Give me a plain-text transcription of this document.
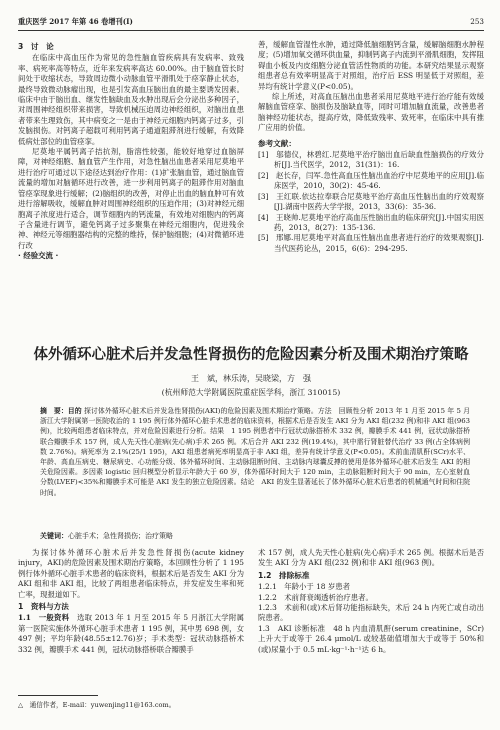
重庆医学 2017 年第 46 卷增刊(Ⅰ)	253
3　讨　论

在临床中高血压作为常见的急性脑血管疾病具有发病率、致残率、病死率高等特点，近年来发病率高达 60.00%。由于脑血管长时间处于收缩状态，导致周边微小动脉血管平滑肌处于痉挛静止状态，最终导致微动脉瘤出现，也是引发高血压脑出血的最主要诱发因素。临床中由于脑出血、继发性脑缺血及水肿出现后会分泌出多种因子，对周围神经组织带来损害，导致机械压迫周边神经组织，对脑出血患者带来生理致伤，其中病变之一是由于神经元细胞内钙离子过多，引发脑损伤。对钙离子超载可利用钙离子通道阻滞剂进行缓解，有效降低病灶部位的血管痉挛。

尼莫地平属钙离子拮抗剂，脂溶性较强，能较好地穿过血脑屏障，对神经细胞、脑血管产生作用，对急性脑出血患者采用尼莫地平进行治疗可通过以下途径达到治疗作用：(1)扩张脑血管，通过脑血管流量的增加对脑循环进行改善，进一步利用钙离子的阻滞作用对脑血管痉挛现象进行缓解；(2)脑组织的改善，对停止出血的脑血肿可有效进行溶解吸收，缓解血肿对周围神经组织的压迫作用；(3)对神经元细胞离子浓度进行适合，调节细胞内的钙流量，有效地对细胞内的钙离子含量进行调节，避免钙离子过多聚集在神经元细胞内，促进残余神、神经元等细胞器结构的完整的维持，保护脑细胞；(4)对微循环进行改

· 经验交流 ·

善，缓解血管湿性水肿，通过降低脑细胞钙含量，缓解脑细胞水肿程度；(5)增加氧交循环供血量，抑制钙离子内流到平滑肌细胞，发挥阻碍血小板及内皮细胞分泌血管活性物质的功能。本研究结果显示观察组患者总有效率明显高于对照组，治疗后 ESS 明显低于对照组，差异均有统计学意义(P<0.05)。

综上所述，对高血压脑出血患者采用尼莫地平进行治疗能有效缓解脑血管痉挛、脑损伤及脑缺血等，同时可增加脑血流量，改善患者脑神经功能状态，提高疗效，降低致残率、致死率，在临床中具有推广应用的价值。

参考文献：
[1]　邬德仪，林碧红.尼莫地平治疗脑出血后缺血性脑损伤的疗效分析[J].当代医学，2012，31(31)：16.
[2]　赵长存，闫军.急性高血压性脑出血治疗中尼莫地平的应用[J].临床医学，2010，30(2)：45-46.
[3]　王红联.依达拉奉联合尼莫地平治疗高血压性脑出血的疗效观察[J].湖南中医药大学学报，2013，33(6)：35-36.
[4]　王晓帅.尼莫地平治疗高血压性脑出血的临床研究[J].中国实用医药，2013，8(27)：135-136.
[5]　邢娜.用尼莫地平对高血压性脑出血患者进行治疗的效果观察[J].当代医药论丛，2015，6(6)：294-295.
体外循环心脏术后并发急性肾损伤的危险因素分析及围术期治疗策略
王　斌，林乐涛，吴晓梁，方　强
(杭州师范大学附属医院重症医学科，浙江 310015)
摘　要：目的 探讨体外循环心脏术后并发急性肾损伤(AKI)的危险因素及围术期治疗策略。方法　回顾性分析 2013 年 1 月至 2015 年 5 月浙江大学附属第一医院收治的 1 195 例行体外循环心脏手术患者的临床资料，根据术后是否发生 AKI 分为 AKI 组(232 例)和非 AKI 组(963 例)，比较两组患者临床特点，并对危险因素进行分析。结果　1 195 例患者中行冠状动脉搭桥术 332 例，瓣膜手术 441 例，冠状动脉搭桥联合瓣膜手术 157 例，成人先天性心脏病(先心病)手术 265 例。术后合并 AKI 232 例(19.4%)，其中需行肾脏替代治疗 33 例(占全体病例数 2.76%)。病死率为 2.1%(25/1 195)，AKI 组患者病死率明显高于非 AKI 组，差异有统计学意义(P<0.05)。术前血清肌酐(SCr)水平、年龄、高血压病史、糖尿病史、心功能分级、体外循环时间、主动脉阻断时间、主动脉内球囊反搏的使用是体外循环心脏术后发生 AKI 的相关危险因素。多因素 logistic 回归模型分析显示年龄大于 60 岁，体外循环时间大于 120 min，主动脉阻断时间大于 90 min，左心室射血分数(LVEF)<35%和瓣膜手术可能是 AKI 发生的独立危险因素。结论　AKI 的发生显著延长了体外循环心脏术后患者的机械通气时间和住院时间。
关键词：心脏手术；急性肾损伤；治疗策略

为探讨体外循环心脏术后并发急性肾损伤(acute kidney injury，AKI)的危险因素及围术期治疗策略，本回顾性分析了 1 195 例行体外循环心脏手术患者的临床资料，根据术后是否发生 AKI 分为 AKI 组和非 AKI 组，比较了两组患者临床特点，并发症发生率和死亡率，现报道如下。

1　资料与方法

1.1　一般资料　 选取 2013 年 1 月至 2015 年 5 月浙江大学附属第一医院实施体外循环心脏手术患者 1 195 例，其中男 698 例，女 497 例；平均年龄(48.55±12.76)岁；手术类型：冠状动脉搭桥术 332 例，瓣膜手术 441 例，冠状动脉搭桥联合瓣膜手

术 157 例，成人先天性心脏病(先心病)手术 265 例。根据术后是否发生 AKI 分为 AKI 组(232 例)和非 AKI 组(963 例)。

1.2　排除标准

1.2.1　年龄小于 18 岁患者

1.2.2　术前肾衰竭透析治疗患者。

1.2.3　术前和(或)术后肾功能指标缺失，术后 24 h 内死亡或自动出院患者。

1.3　AKI 诊断标准　48 h 内血清肌酐(serum creatinine，SCr)上升大于或等于 26.4 μmol/L 或较基础值增加大于或等于 50%和(或)尿量小于 0.5 mL·kg⁻¹·h⁻¹达 6 h。

△　通信作者，E-mail：yuwenjing11@163.com。
